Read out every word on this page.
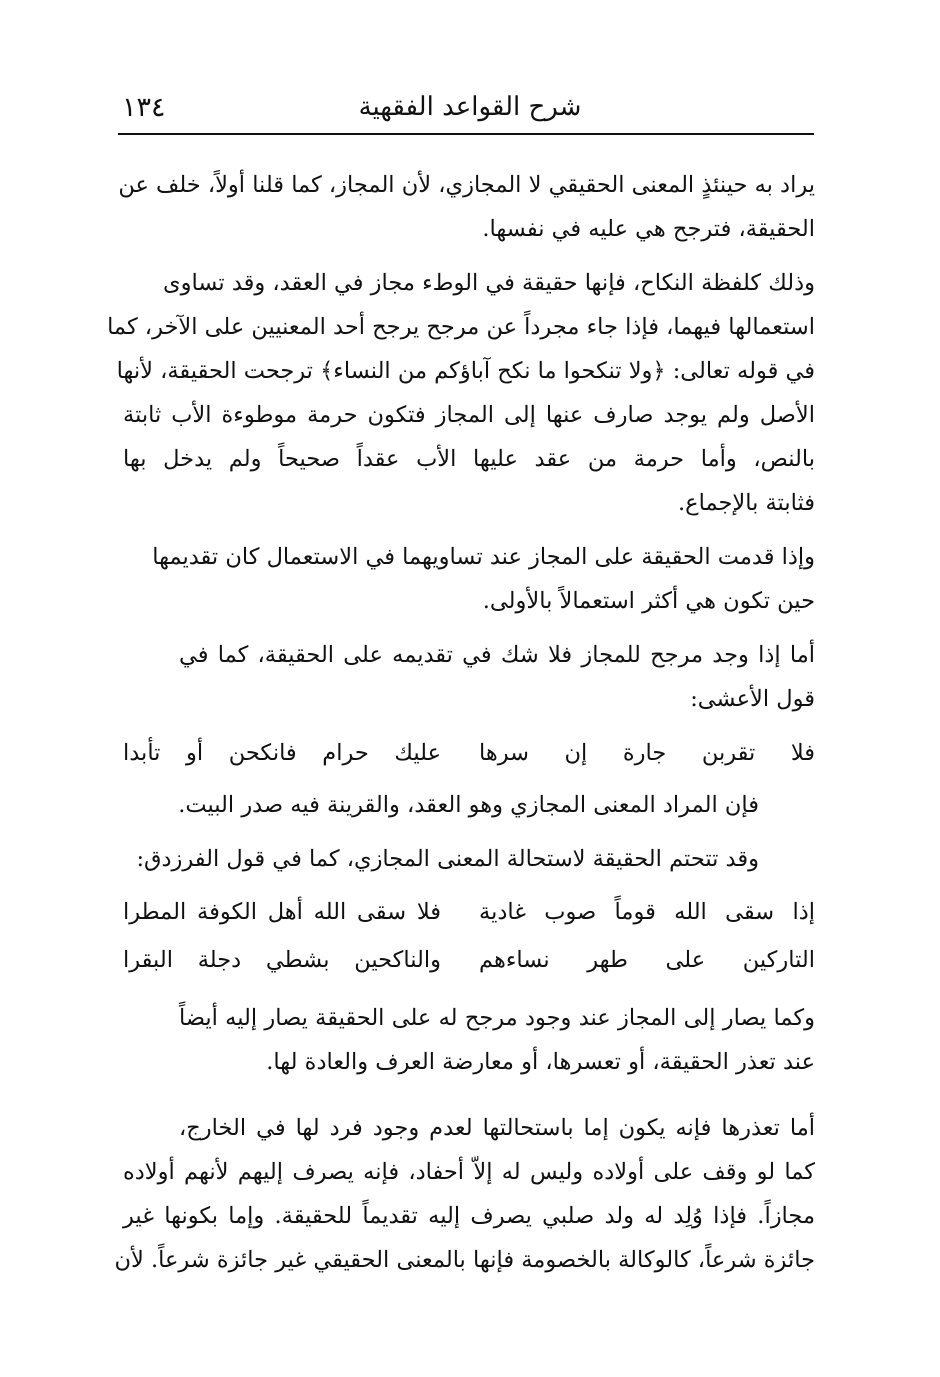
١٣٤	شرح القواعد الفقهية
يراد به حينئذٍ المعنى الحقيقي لا المجازي، لأن المجاز، كما قلنا أولاً، خلف عن
الحقيقة، فترجح هي عليه في نفسها.
وذلك كلفظة النكاح، فإنها حقيقة في الوطء مجاز في العقد، وقد تساوى
استعمالها فيهما، فإذا جاء مجرداً عن مرجح يرجح أحد المعنيين على الآخر، كما
في قوله تعالى: ﴿ولا تنكحوا ما نكح آباؤكم من النساء﴾ ترجحت الحقيقة، لأنها
الأصل ولم يوجد صارف عنها إلى المجاز فتكون حرمة موطوءة الأب ثابتة
بالنص، وأما حرمة من عقد عليها الأب عقداً صحيحاً ولم يدخل بها
فثابتة بالإجماع.
وإذا قدمت الحقيقة على المجاز عند تساويهما في الاستعمال كان تقديمها
حين تكون هي أكثر استعمالاً بالأولى.
أما إذا وجد مرجح للمجاز فلا شك في تقديمه على الحقيقة، كما في
قول الأعشى:
فلا تقربن جارة إن سرها
عليك حرام فانكحن أو تأبدا
فإن المراد المعنى المجازي وهو العقد، والقرينة فيه صدر البيت.
وقد تتحتم الحقيقة لاستحالة المعنى المجازي، كما في قول الفرزدق:
إذا سقى الله قوماً صوب غادية
فلا سقى الله أهل الكوفة المطرا
التاركين على طهر نساءهم
والناكحين بشطي دجلة البقرا
وكما يصار إلى المجاز عند وجود مرجح له على الحقيقة يصار إليه أيضاً
عند تعذر الحقيقة، أو تعسرها، أو معارضة العرف والعادة لها.
أما تعذرها فإنه يكون إما باستحالتها لعدم وجود فرد لها في الخارج،
كما لو وقف على أولاده وليس له إلاّ أحفاد، فإنه يصرف إليهم لأنهم أولاده
مجازاً. فإذا وُلِد له ولد صلبي يصرف إليه تقديماً للحقيقة. وإما بكونها غير
جائزة شرعاً، كالوكالة بالخصومة فإنها بالمعنى الحقيقي غير جائزة شرعاً. لأن
